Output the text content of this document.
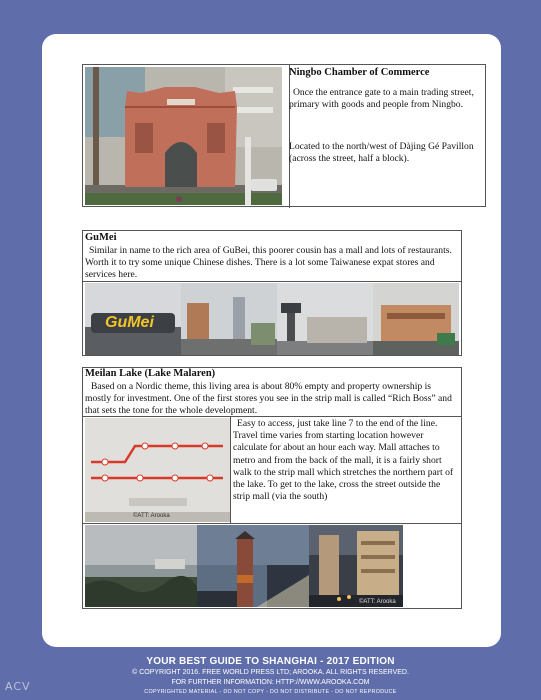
Ningbo Chamber of Commerce
Once the entrance gate to a main trading street, primary with goods and people from Ningbo.
Located to the north/west of Dàjing Gé Pavillon (across the street, half a block).
GuMei
Similar in name to the rich area of GuBei, this poorer cousin has a mall and lots of restaurants. Worth it to try some unique Chinese dishes. There is a lot some Taiwanese expat stores and services here.
GuMei
Meilan Lake (Lake Malaren)
Based on a Nordic theme, this living area is about 80% empty and property ownership is mostly for investment. One of the first stores you see in the strip mall is called “Rich Boss” and that sets the tone for the whole development.
©ATT: Arooka
Easy to access, just take line 7 to the end of the line. Travel time varies from starting location however calculate for about an hour each way. Mall attaches to metro and from the back of the mall, it is a fairly short walk to the strip mall which stretches the northern part of the lake. To get to the lake, cross the street outside the strip mall (via the south)
©ATT: Arooka
YOUR BEST GUIDE TO SHANGHAI - 2017 EDITION
© COPYRIGHT 2016. FREE WORLD PRESS LTD; AROOKA. ALL RIGHTS RESERVED.
FOR FURTHER INFORMATION: HTTP://WWW.AROOKA.COM
COPYRIGHTED MATERIAL - DO NOT COPY - DO NOT DISTRIBUTE - DO NOT REPRODUCE
ACV
